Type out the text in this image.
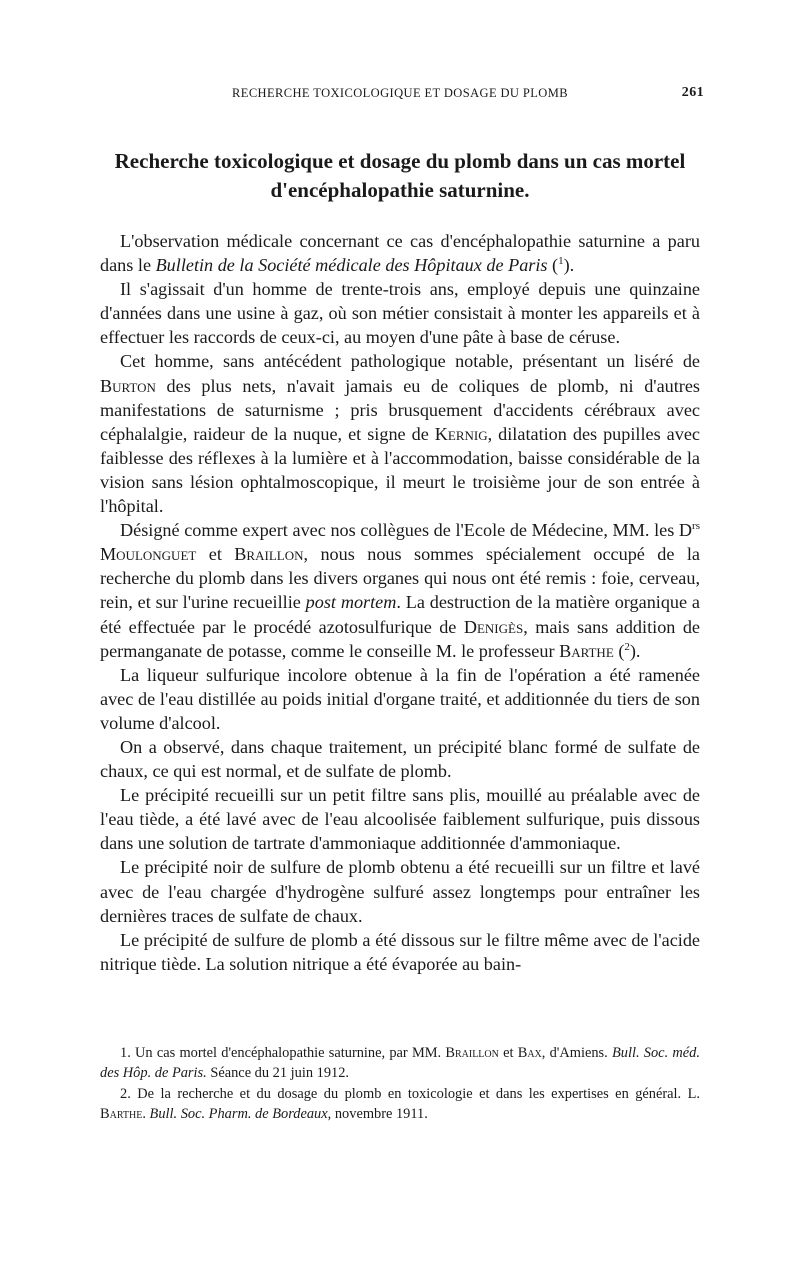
RECHERCHE TOXICOLOGIQUE ET DOSAGE DU PLOMB	261
Recherche toxicologique et dosage du plomb dans un cas mortel
d'encéphalopathie saturnine.

L'observation médicale concernant ce cas d'encéphalopathie saturnine a paru dans le Bulletin de la Société médicale des Hôpitaux de Paris ($^1$).

Il s'agissait d'un homme de trente-trois ans, employé depuis une quinzaine d'années dans une usine à gaz, où son métier consistait à monter les appareils et à effectuer les raccords de ceux-ci, au moyen d'une pâte à base de céruse.

Cet homme, sans antécédent pathologique notable, présentant un liséré de Burton des plus nets, n'avait jamais eu de coliques de plomb, ni d'autres manifestations de saturnisme ; pris brusquement d'accidents cérébraux avec céphalalgie, raideur de la nuque, et signe de Kernig, dilatation des pupilles avec faiblesse des réflexes à la lumière et à l'accommodation, baisse considérable de la vision sans lésion ophtalmoscopique, il meurt le troisième jour de son entrée à l'hôpital.

Désigné comme expert avec nos collègues de l'Ecole de Médecine, MM. les $D^{rs}$ Moulonguet et Braillon, nous nous sommes spécialement occupé de la recherche du plomb dans les divers organes qui nous ont été remis : foie, cerveau, rein, et sur l'urine recueillie post mortem. La destruction de la matière organique a été effectuée par le procédé azotosulfurique de Denigès, mais sans addition de permanganate de potasse, comme le conseille M. le professeur Barthe ($^2$).

La liqueur sulfurique incolore obtenue à la fin de l'opération a été ramenée avec de l'eau distillée au poids initial d'organe traité, et additionnée du tiers de son volume d'alcool.

On a observé, dans chaque traitement, un précipité blanc formé de sulfate de chaux, ce qui est normal, et de sulfate de plomb.

Le précipité recueilli sur un petit filtre sans plis, mouillé au préalable avec de l'eau tiède, a été lavé avec de l'eau alcoolisée faiblement sulfurique, puis dissous dans une solution de tartrate d'ammoniaque additionnée d'ammoniaque.

Le précipité noir de sulfure de plomb obtenu a été recueilli sur un filtre et lavé avec de l'eau chargée d'hydrogène sulfuré assez longtemps pour entraîner les dernières traces de sulfate de chaux.

Le précipité de sulfure de plomb a été dissous sur le filtre même avec de l'acide nitrique tiède. La solution nitrique a été évaporée au bain-

1. Un cas mortel d'encéphalopathie saturnine, par MM. Braillon et Bax, d'Amiens. Bull. Soc. méd. des Hôp. de Paris. Séance du 21 juin 1912.

2. De la recherche et du dosage du plomb en toxicologie et dans les expertises en général. L. Barthe. Bull. Soc. Pharm. de Bordeaux, novembre 1911.
